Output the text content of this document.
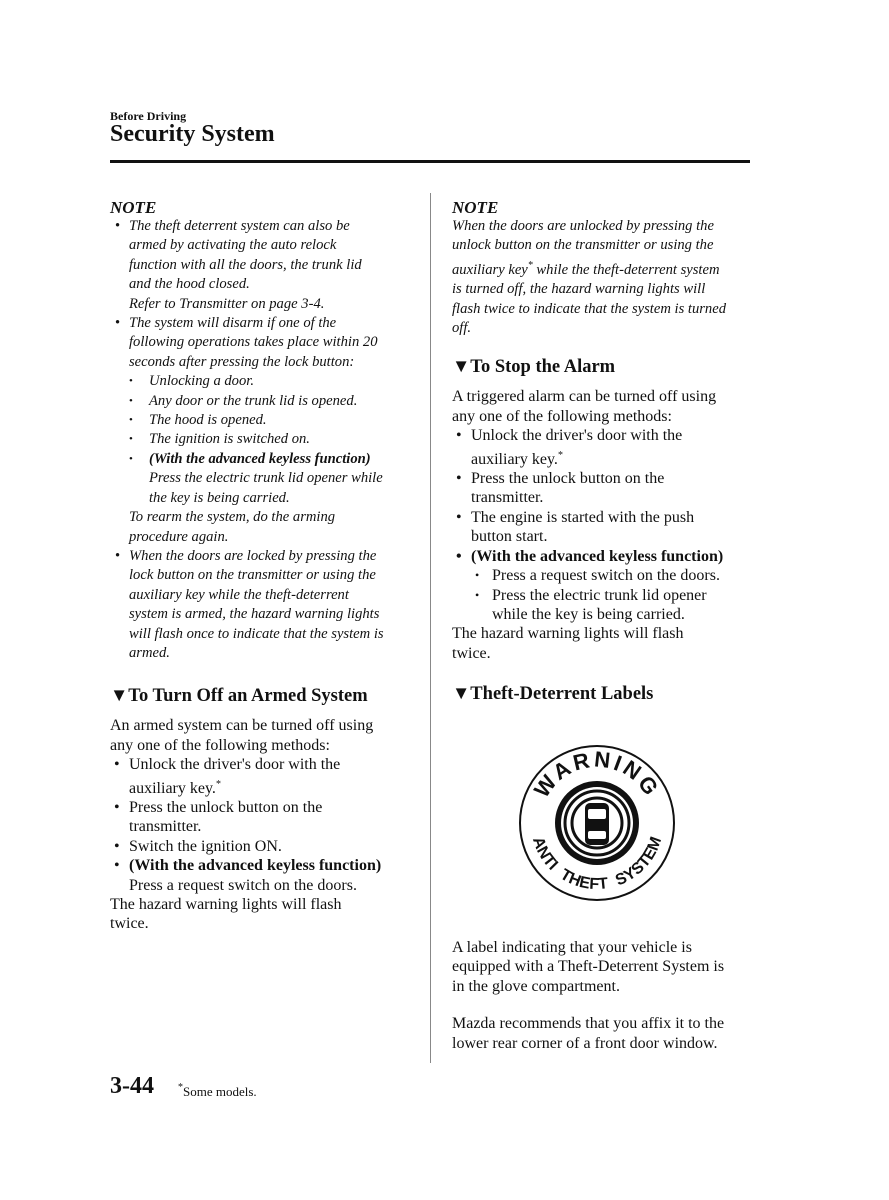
Before Driving
Security System
NOTE

• The theft deterrent system can also be
armed by activating the auto relock
function with all the doors, the trunk lid
and the hood closed.

Refer to Transmitter on page 3-4.

• The system will disarm if one of the
following operations takes place within 20
seconds after pressing the lock button:

• Unlocking a door.

• Any door or the trunk lid is opened.

• The hood is opened.

• The ignition is switched on.

• (With the advanced keyless function)
Press the electric trunk lid opener while
the key is being carried.

To rearm the system, do the arming
procedure again.

• When the doors are locked by pressing the
lock button on the transmitter or using the
auxiliary key while the theft-deterrent
system is armed, the hazard warning lights
will flash once to indicate that the system is
armed.

▼To Turn Off an Armed System

An armed system can be turned off using
any one of the following methods:

• Unlock the driver's door with the
auxiliary key.*

• Press the unlock button on the
transmitter.

• Switch the ignition ON.

• (With the advanced keyless function)
Press a request switch on the doors.

The hazard warning lights will flash
twice.

NOTE

When the doors are unlocked by pressing the
unlock button on the transmitter or using the
auxiliary key* while the theft-deterrent system
is turned off, the hazard warning lights will
flash twice to indicate that the system is turned
off.

▼To Stop the Alarm

A triggered alarm can be turned off using
any one of the following methods:

• Unlock the driver's door with the
auxiliary key.*

• Press the unlock button on the
transmitter.

• The engine is started with the push
button start.

• (With the advanced keyless function)

• Press a request switch on the doors.

• Press the electric trunk lid opener
while the key is being carried.

The hazard warning lights will flash
twice.

▼Theft-Deterrent Labels

A label indicating that your vehicle is
equipped with a Theft-Deterrent System is
in the glove compartment.

Mazda recommends that you affix it to the
lower rear corner of a front door window.

WARNING
ANTI THEFT SYSTEM
3-44 *Some models.
